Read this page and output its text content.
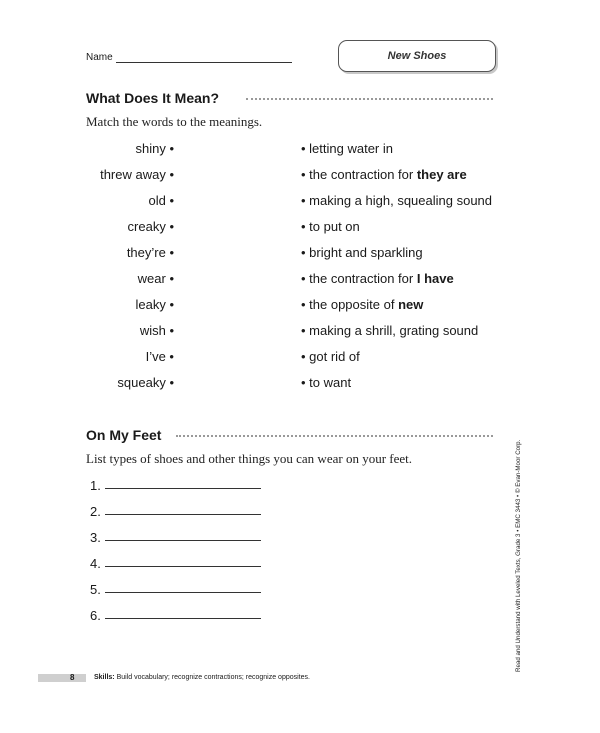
Name	New Shoes
What Does It Mean?
Match the words to the meanings.
shiny •
threw away •
old •
creaky •
they’re •
wear •
leaky •
wish •
I’ve •
squeaky •
• letting water in
• the contraction for they are
• making a high, squealing sound
• to put on
• bright and sparkling
• the contraction for I have
• the opposite of new
• making a shrill, grating sound
• got rid of
• to want
On My Feet
List types of shoes and other things you can wear on your feet.
1.
2.
3.
4.
5.
6.
8	Skills: Build vocabulary; recognize contractions; recognize opposites.
Read and Understand with Leveled Texts, Grade 3 • EMC 3443 • © Evan-Moor Corp.
